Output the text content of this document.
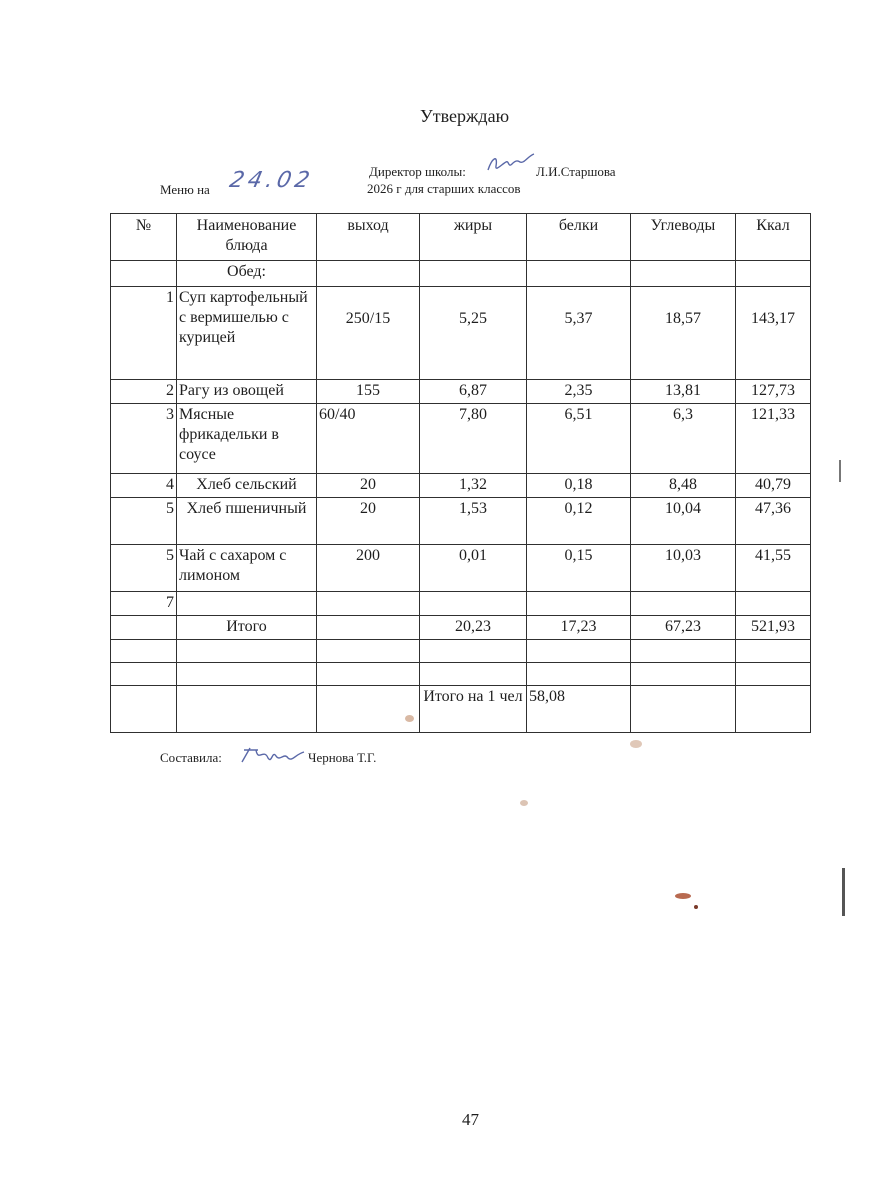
Утверждаю
Директор школы:	Л.И.Старшова
Меню на 24.02	2026 г для старших классов
№	Наименование блюда	выход	жиры	белки	Углеводы	Ккал
	Обед:					
1	Суп картофельный с вермишелью с курицей	250/15	5,25	5,37	18,57	143,17
2	Рагу из овощей	155	6,87	2,35	13,81	127,73
3	Мясные фрикадельки в соусе	60/40	7,80	6,51	6,3	121,33
4	Хлеб сельский	20	1,32	0,18	8,48	40,79
5	Хлеб пшеничный	20	1,53	0,12	10,04	47,36
5	Чай с сахаром с лимоном	200	0,01	0,15	10,03	41,55
7						
	Итого		20,23	17,23	67,23	521,93

			Итого на 1 чел	58,08		
Составила:	Чернова Т.Г.
47
